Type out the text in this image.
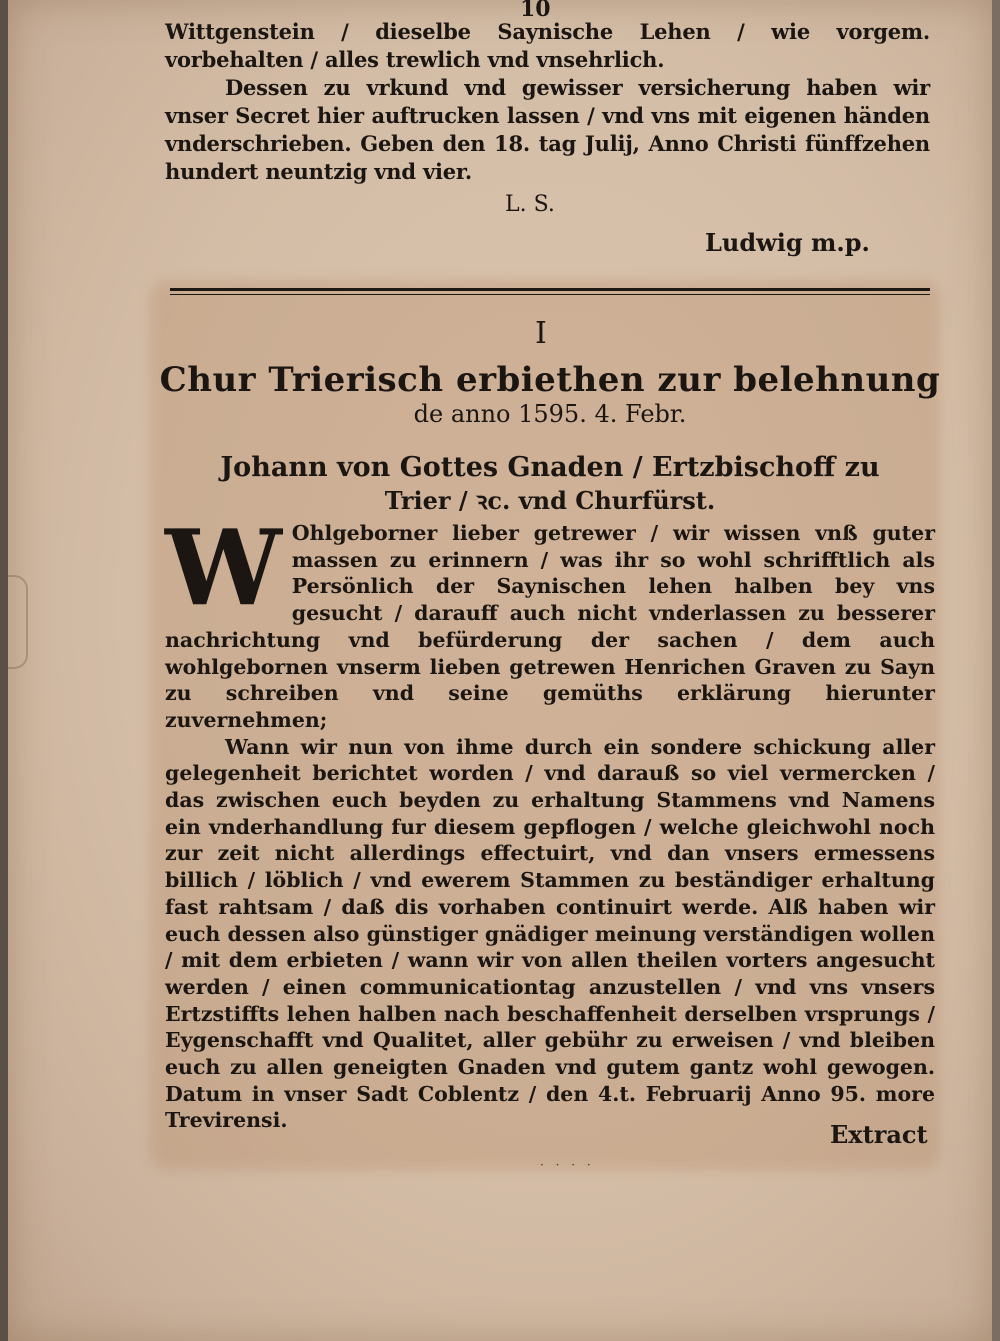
10

Wittgenstein / dieselbe Saynische Lehen / wie vorgem. vorbehalten / alles trewlich vnd vnsehrlich.

Dessen zu vrkund vnd gewisser versicherung haben wir vnser Secret hier auftrucken lassen / vnd vns mit eigenen händen vnderschrieben. Geben den 18. tag Julij, Anno Christi fünffzehen hundert neuntzig vnd vier.

L. S.
Ludwig m.p.
I
Chur Trierisch erbiethen zur belehnung
de anno 1595. 4. Febr.
Johann von Gottes Gnaden / Ertzbischoff zu
Trier / ꝛc. vnd Churfürst.

W Ohlgeborner lieber getrewer / wir wissen vnß guter massen zu erinnern / was ihr so wohl schrifftlich als Persönlich der Saynischen lehen halben bey vns gesucht / darauff auch nicht vnderlassen zu besserer nachrichtung vnd befürderung der sachen / dem auch wohlgebornen vnserm lieben getrewen Henrichen Graven zu Sayn zu schreiben vnd seine gemüths erklärung hierunter zuvernehmen;

Wann wir nun von ihme durch ein sondere schickung aller gelegenheit berichtet worden / vnd darauß so viel vermercken / das zwischen euch beyden zu erhaltung Stammens vnd Namens ein vnderhandlung fur diesem gepflogen / welche gleichwohl noch zur zeit nicht allerdings effectuirt, vnd dan vnsers ermessens billich / löblich / vnd ewerem Stammen zu beständiger erhaltung fast rahtsam / daß dis vorhaben continuirt werde. Alß haben wir euch dessen also günstiger gnädiger meinung verständigen wollen / mit dem erbieten / wann wir von allen theilen vorters angesucht werden / einen communicationtag anzustellen / vnd vns vnsers Ertzstiffts lehen halben nach beschaffenheit derselben vrsprungs / Eygenschafft vnd Qualitet, aller gebühr zu erweisen / vnd bleiben euch zu allen geneigten Gnaden vnd gutem gantz wohl gewogen. Datum in vnser Sadt Coblentz / den 4.t. Februarij Anno 95. more Trevirensi.	Extract
· · · ·
